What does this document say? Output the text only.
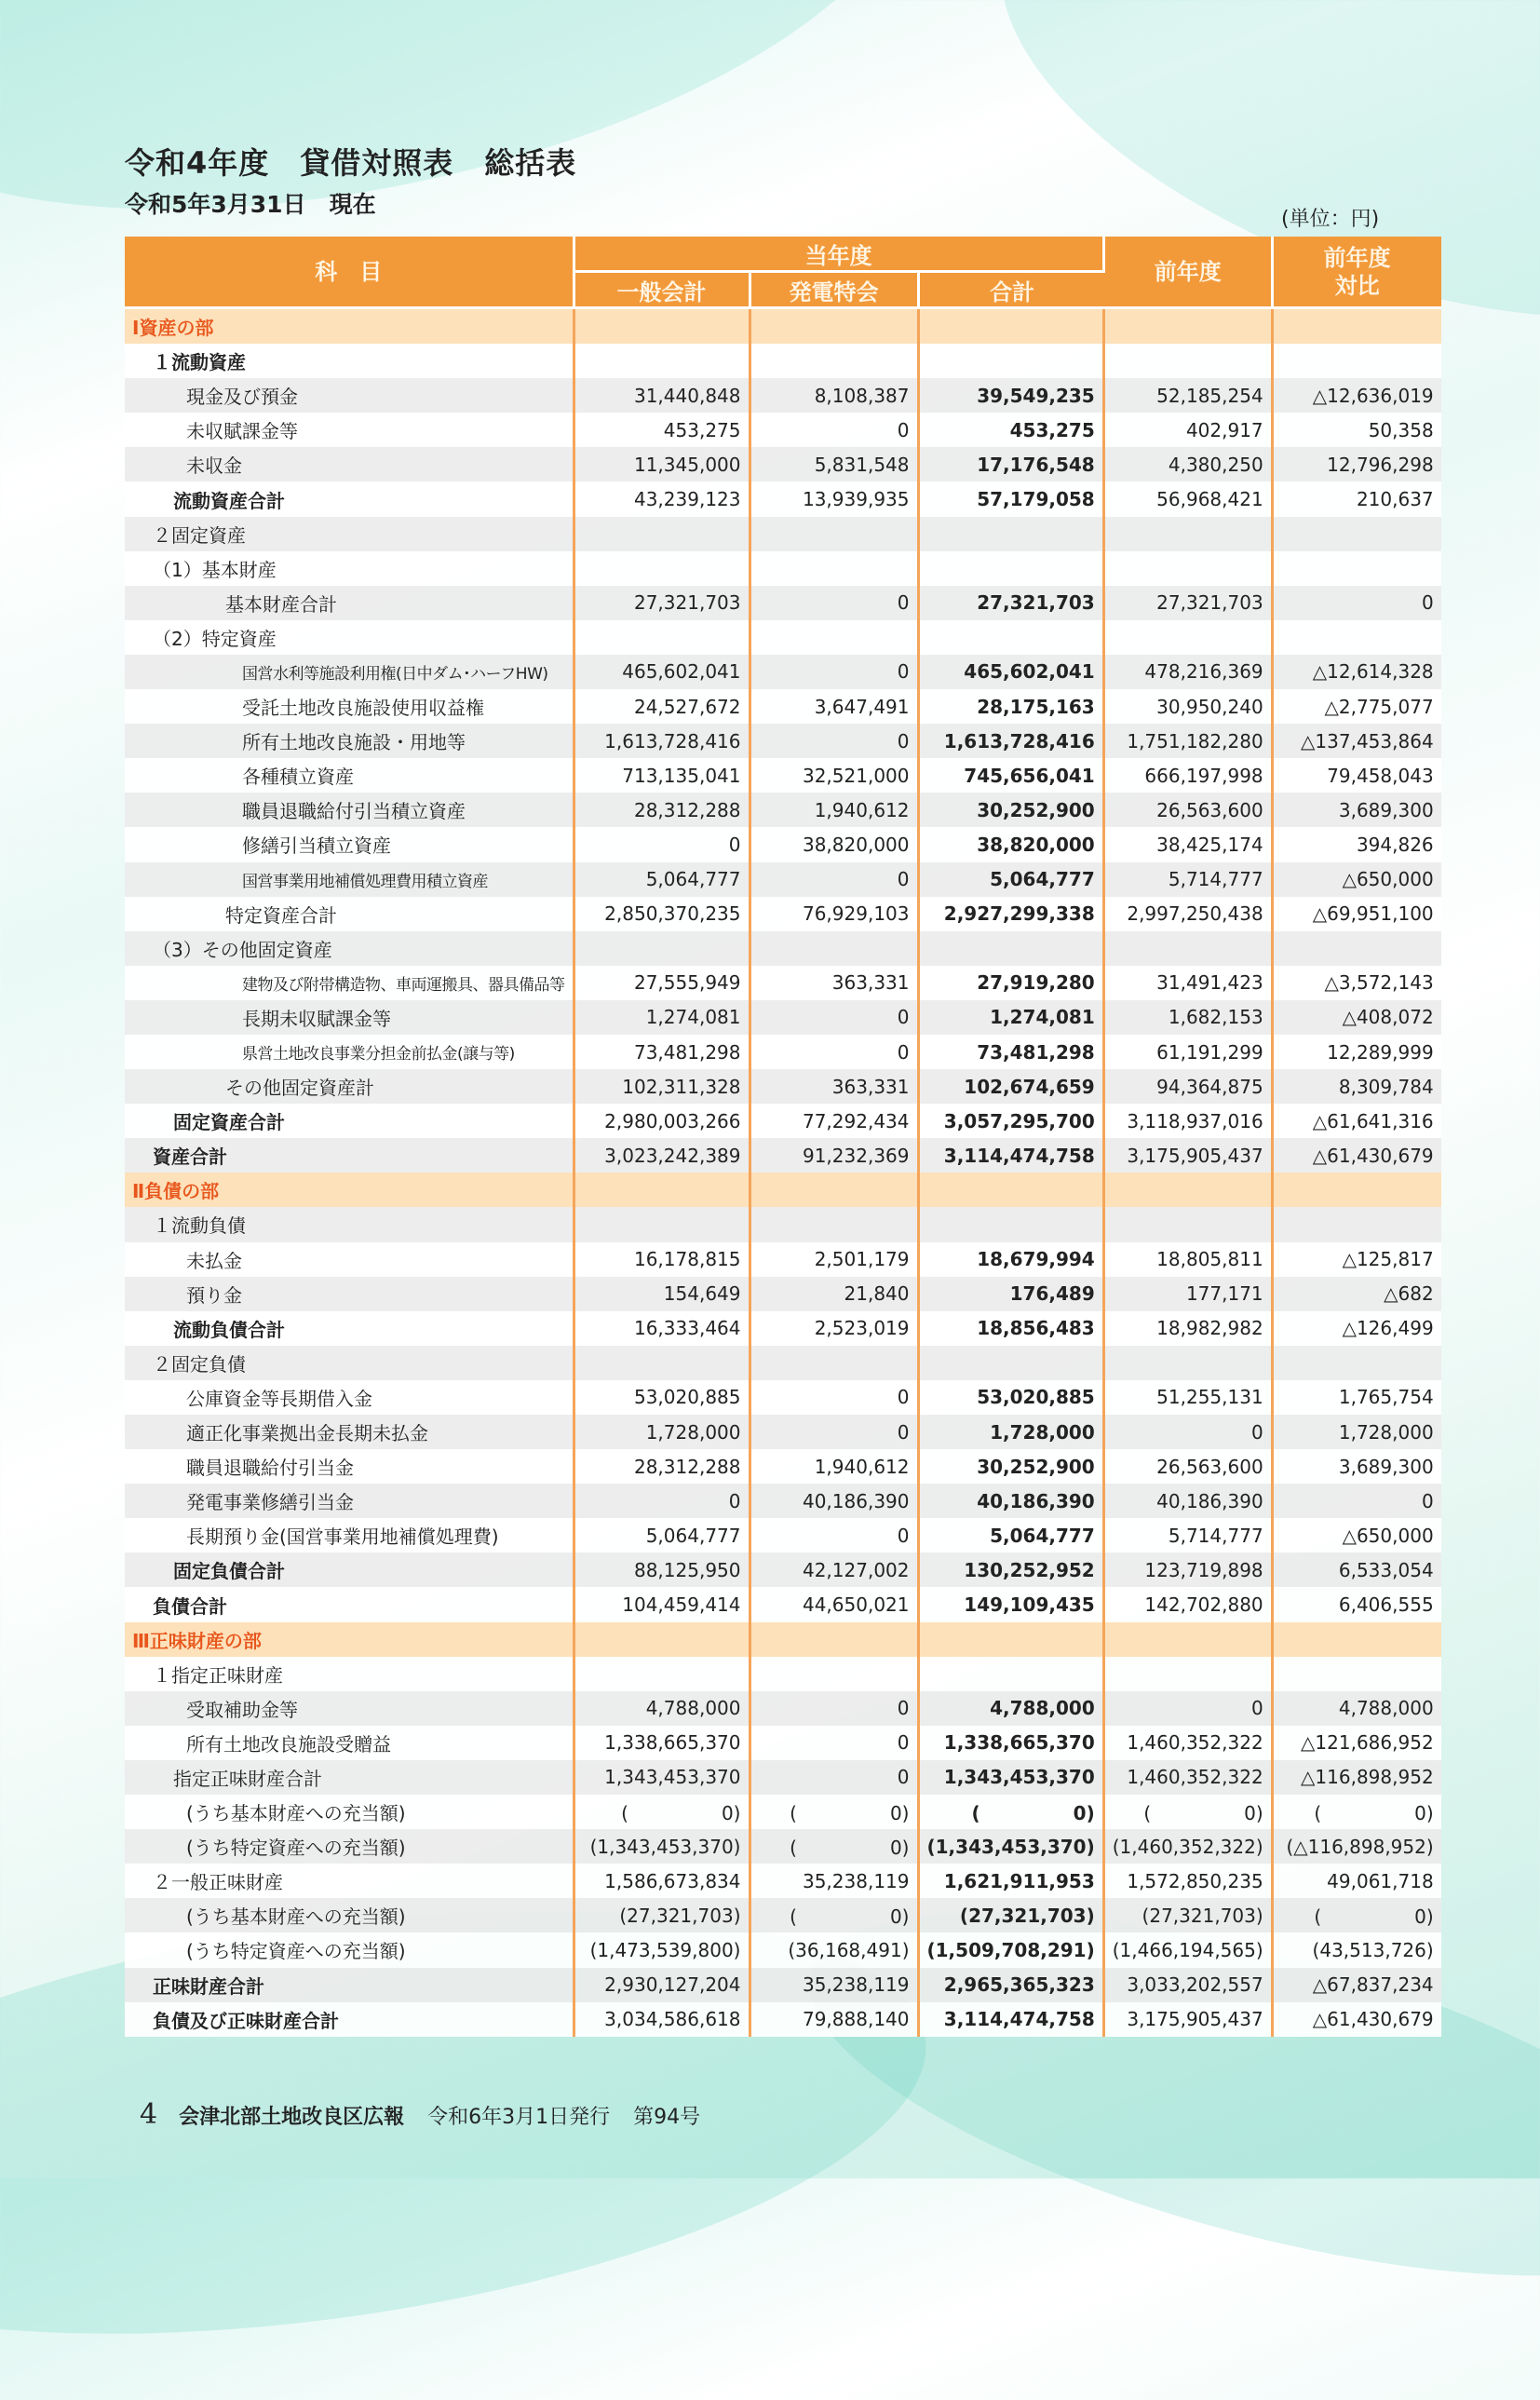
令和4年度　貸借対照表　総括表
令和5年3月31日　現在
(単位：円)
科　目	当年度			前年度	前年度
対比
	一般会計	発電特会	合計		
Ⅰ資産の部					
１流動資産					
現金及び預金	31,440,848	8,108,387	39,549,235	52,185,254	△12,636,019
未収賦課金等	453,275	0	453,275	402,917	50,358
未収金	11,345,000	5,831,548	17,176,548	4,380,250	12,796,298
流動資産合計	43,239,123	13,939,935	57,179,058	56,968,421	210,637
２固定資産					
（1）基本財産					
基本財産合計	27,321,703	0	27,321,703	27,321,703	0
（2）特定資産					
国営水利等施設利用権(日中ダム･ハーフHW)	465,602,041	0	465,602,041	478,216,369	△12,614,328
受託土地改良施設使用収益権	24,527,672	3,647,491	28,175,163	30,950,240	△2,775,077
所有土地改良施設・用地等	1,613,728,416	0	1,613,728,416	1,751,182,280	△137,453,864
各種積立資産	713,135,041	32,521,000	745,656,041	666,197,998	79,458,043
職員退職給付引当積立資産	28,312,288	1,940,612	30,252,900	26,563,600	3,689,300
修繕引当積立資産	0	38,820,000	38,820,000	38,425,174	394,826
国営事業用地補償処理費用積立資産	5,064,777	0	5,064,777	5,714,777	△650,000
特定資産合計	2,850,370,235	76,929,103	2,927,299,338	2,997,250,438	△69,951,100
（3）その他固定資産					
建物及び附帯構造物、車両運搬具、器具備品等	27,555,949	363,331	27,919,280	31,491,423	△3,572,143
長期未収賦課金等	1,274,081	0	1,274,081	1,682,153	△408,072
県営土地改良事業分担金前払金(譲与等)	73,481,298	0	73,481,298	61,191,299	12,289,999
その他固定資産計	102,311,328	363,331	102,674,659	94,364,875	8,309,784
固定資産合計	2,980,003,266	77,292,434	3,057,295,700	3,118,937,016	△61,641,316
資産合計	3,023,242,389	91,232,369	3,114,474,758	3,175,905,437	△61,430,679
Ⅱ負債の部					
１流動負債					
未払金	16,178,815	2,501,179	18,679,994	18,805,811	△125,817
預り金	154,649	21,840	176,489	177,171	△682
流動負債合計	16,333,464	2,523,019	18,856,483	18,982,982	△126,499
２固定負債					
公庫資金等長期借入金	53,020,885	0	53,020,885	51,255,131	1,765,754
適正化事業拠出金長期未払金	1,728,000	0	1,728,000	0	1,728,000
職員退職給付引当金	28,312,288	1,940,612	30,252,900	26,563,600	3,689,300
発電事業修繕引当金	0	40,186,390	40,186,390	40,186,390	0
長期預り金(国営事業用地補償処理費)	5,064,777	0	5,064,777	5,714,777	△650,000
固定負債合計	88,125,950	42,127,002	130,252,952	123,719,898	6,533,054
負債合計	104,459,414	44,650,021	149,109,435	142,702,880	6,406,555
Ⅲ正味財産の部					
１指定正味財産					
受取補助金等	4,788,000	0	4,788,000	0	4,788,000
所有土地改良施設受贈益	1,338,665,370	0	1,338,665,370	1,460,352,322	△121,686,952
指定正味財産合計	1,343,453,370	0	1,343,453,370	1,460,352,322	△116,898,952
(うち基本財産への充当額)	(　　　　　0)	(　　　　　0)	(　　　　　0)	(　　　　　0)	(　　　　　0)
(うち特定資産への充当額)	(1,343,453,370)	(　　　　　0)	(1,343,453,370)	(1,460,352,322)	(△116,898,952)
２一般正味財産	1,586,673,834	35,238,119	1,621,911,953	1,572,850,235	49,061,718
(うち基本財産への充当額)	(27,321,703)	(　　　　　0)	(27,321,703)	(27,321,703)	(　　　　　0)
(うち特定資産への充当額)	(1,473,539,800)	(36,168,491)	(1,509,708,291)	(1,466,194,565)	(43,513,726)
正味財産合計	2,930,127,204	35,238,119	2,965,365,323	3,033,202,557	△67,837,234
負債及び正味財産合計	3,034,586,618	79,888,140	3,114,474,758	3,175,905,437	△61,430,679
4 会津北部土地改良区広報 令和6年3月1日発行 第94号
